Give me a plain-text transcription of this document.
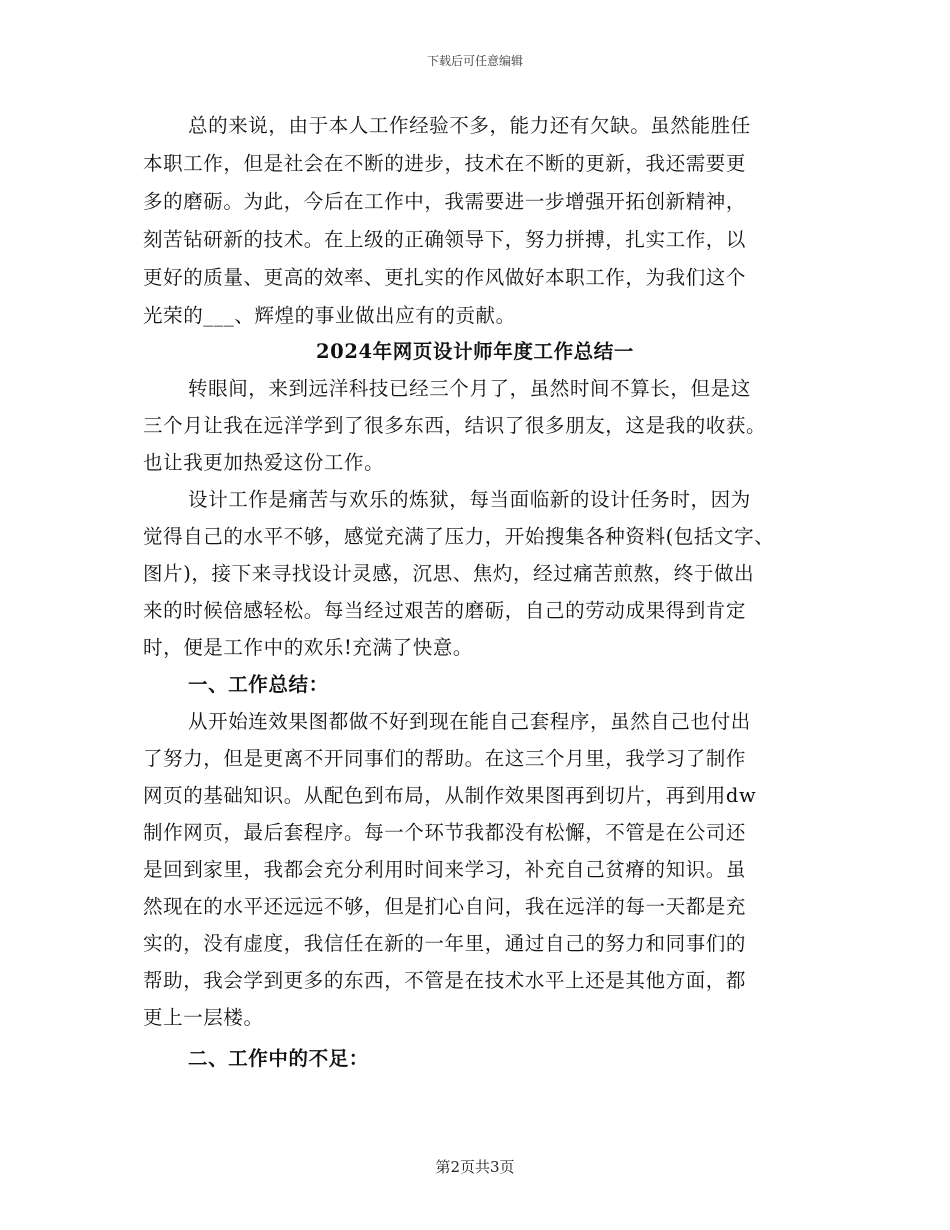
下载后可任意编辑
总的来说，由于本人工作经验不多，能力还有欠缺。虽然能胜任
本职工作，但是社会在不断的进步，技术在不断的更新，我还需要更
多的磨砺。为此，今后在工作中，我需要进一步增强开拓创新精神，
刻苦钻研新的技术。在上级的正确领导下，努力拼搏，扎实工作，以
更好的质量、更高的效率、更扎实的作风做好本职工作，为我们这个
光荣的___、辉煌的事业做出应有的贡献。
2024年网页设计师年度工作总结一
转眼间，来到远洋科技已经三个月了，虽然时间不算长，但是这
三个月让我在远洋学到了很多东西，结识了很多朋友，这是我的收获。
也让我更加热爱这份工作。
设计工作是痛苦与欢乐的炼狱，每当面临新的设计任务时，因为
觉得自己的水平不够，感觉充满了压力，开始搜集各种资料(包括文字、
图片)，接下来寻找设计灵感，沉思、焦灼，经过痛苦煎熬，终于做出
来的时候倍感轻松。每当经过艰苦的磨砺，自己的劳动成果得到肯定
时，便是工作中的欢乐!充满了快意。
一、工作总结：
从开始连效果图都做不好到现在能自己套程序，虽然自己也付出
了努力，但是更离不开同事们的帮助。在这三个月里，我学习了制作
网页的基础知识。从配色到布局，从制作效果图再到切片，再到用dw
制作网页，最后套程序。每一个环节我都没有松懈，不管是在公司还
是回到家里，我都会充分利用时间来学习，补充自己贫瘠的知识。虽
然现在的水平还远远不够，但是扪心自问，我在远洋的每一天都是充
实的，没有虚度，我信任在新的一年里，通过自己的努力和同事们的
帮助，我会学到更多的东西，不管是在技术水平上还是其他方面，都
更上一层楼。
二、工作中的不足：
第2页共3页
